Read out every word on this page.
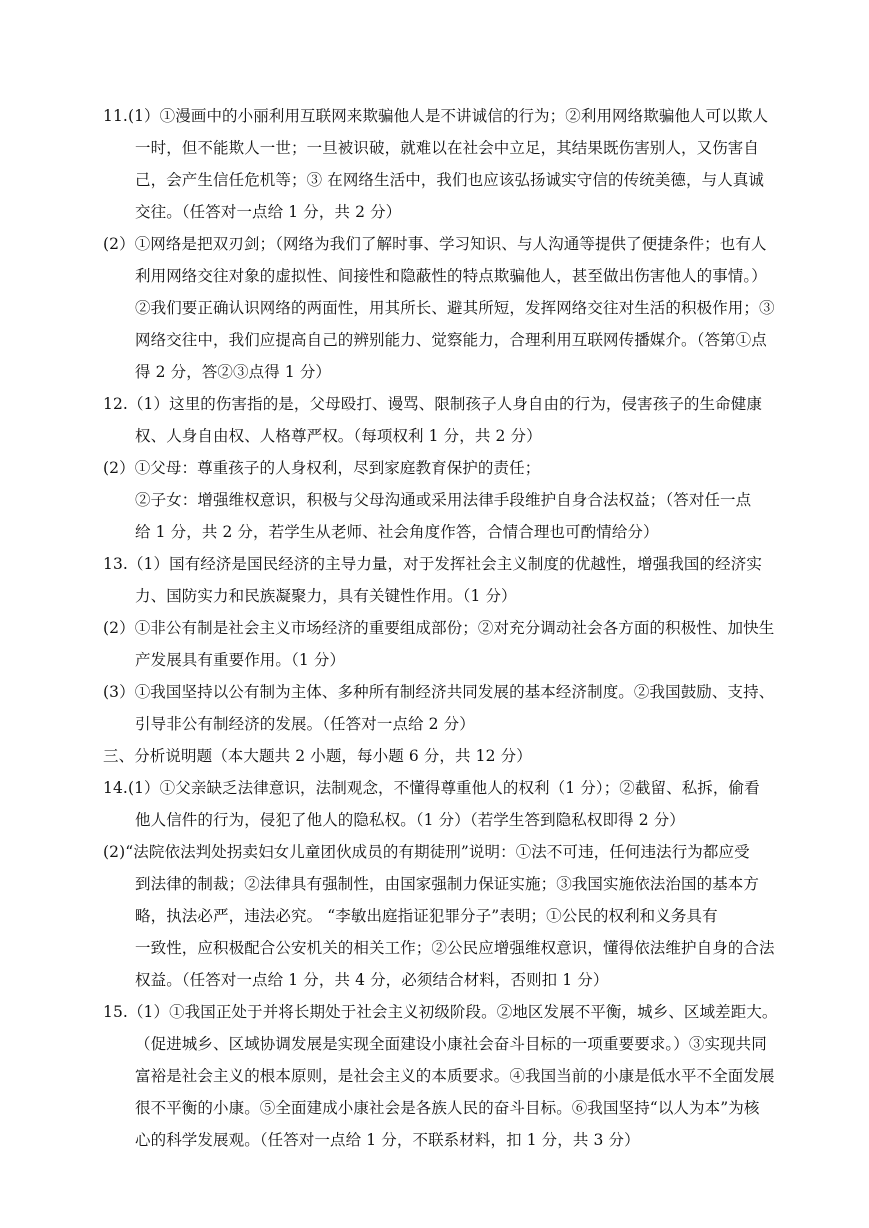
11.(1）①漫画中的小丽利用互联网来欺骗他人是不讲诚信的行为；②利用网络欺骗他人可以欺人
一时，但不能欺人一世；一旦被识破，就难以在社会中立足，其结果既伤害别人，又伤害自
己，会产生信任危机等；③ 在网络生活中，我们也应该弘扬诚实守信的传统美德，与人真诚
交往。（任答对一点给 1 分，共 2 分）
(2）①网络是把双刃剑；（网络为我们了解时事、学习知识、与人沟通等提供了便捷条件；也有人
利用网络交往对象的虚拟性、间接性和隐蔽性的特点欺骗他人，甚至做出伤害他人的事情。）
②我们要正确认识网络的两面性，用其所长、避其所短，发挥网络交往对生活的积极作用；③
网络交往中，我们应提高自己的辨别能力、觉察能力，合理利用互联网传播媒介。（答第①点
得 2 分，答②③点得 1 分）
12.（1）这里的伤害指的是，父母殴打、谩骂、限制孩子人身自由的行为，侵害孩子的生命健康
权、人身自由权、人格尊严权。（每项权利 1 分，共 2 分）
(2）①父母：尊重孩子的人身权利，尽到家庭教育保护的责任；
②子女：增强维权意识，积极与父母沟通或采用法律手段维护自身合法权益；（答对任一点
给 1 分，共 2 分，若学生从老师、社会角度作答，合情合理也可酌情给分）
13.（1）国有经济是国民经济的主导力量，对于发挥社会主义制度的优越性，增强我国的经济实
力、国防实力和民族凝聚力，具有关键性作用。（1 分）
(2）①非公有制是社会主义市场经济的重要组成部份；②对充分调动社会各方面的积极性、加快生
产发展具有重要作用。（1 分）
(3）①我国坚持以公有制为主体、多种所有制经济共同发展的基本经济制度。②我国鼓励、支持、
引导非公有制经济的发展。（任答对一点给 2 分）
三、分析说明题（本大题共 2 小题，每小题 6 分，共 12 分）
14.(1）①父亲缺乏法律意识，法制观念，不懂得尊重他人的权利（1 分）；②截留、私拆，偷看
他人信件的行为，侵犯了他人的隐私权。（1 分）（若学生答到隐私权即得 2 分）
(2)“法院依法判处拐卖妇女儿童团伙成员的有期徒刑”说明：①法不可违，任何违法行为都应受
到法律的制裁；②法律具有强制性，由国家强制力保证实施；③我国实施依法治国的基本方
略，执法必严，违法必究。 “李敏出庭指证犯罪分子”表明；①公民的权利和义务具有
一致性，应积极配合公安机关的相关工作；②公民应增强维权意识，懂得依法维护自身的合法
权益。（任答对一点给 1 分，共 4 分，必须结合材料，否则扣 1 分）
15.（1）①我国正处于并将长期处于社会主义初级阶段。②地区发展不平衡，城乡、区域差距大。
（促进城乡、区域协调发展是实现全面建设小康社会奋斗目标的一项重要要求。）③实现共同
富裕是社会主义的根本原则，是社会主义的本质要求。④我国当前的小康是低水平不全面发展
很不平衡的小康。⑤全面建成小康社会是各族人民的奋斗目标。⑥我国坚持“以人为本”为核
心的科学发展观。（任答对一点给 1 分，不联系材料，扣 1 分，共 3 分）
